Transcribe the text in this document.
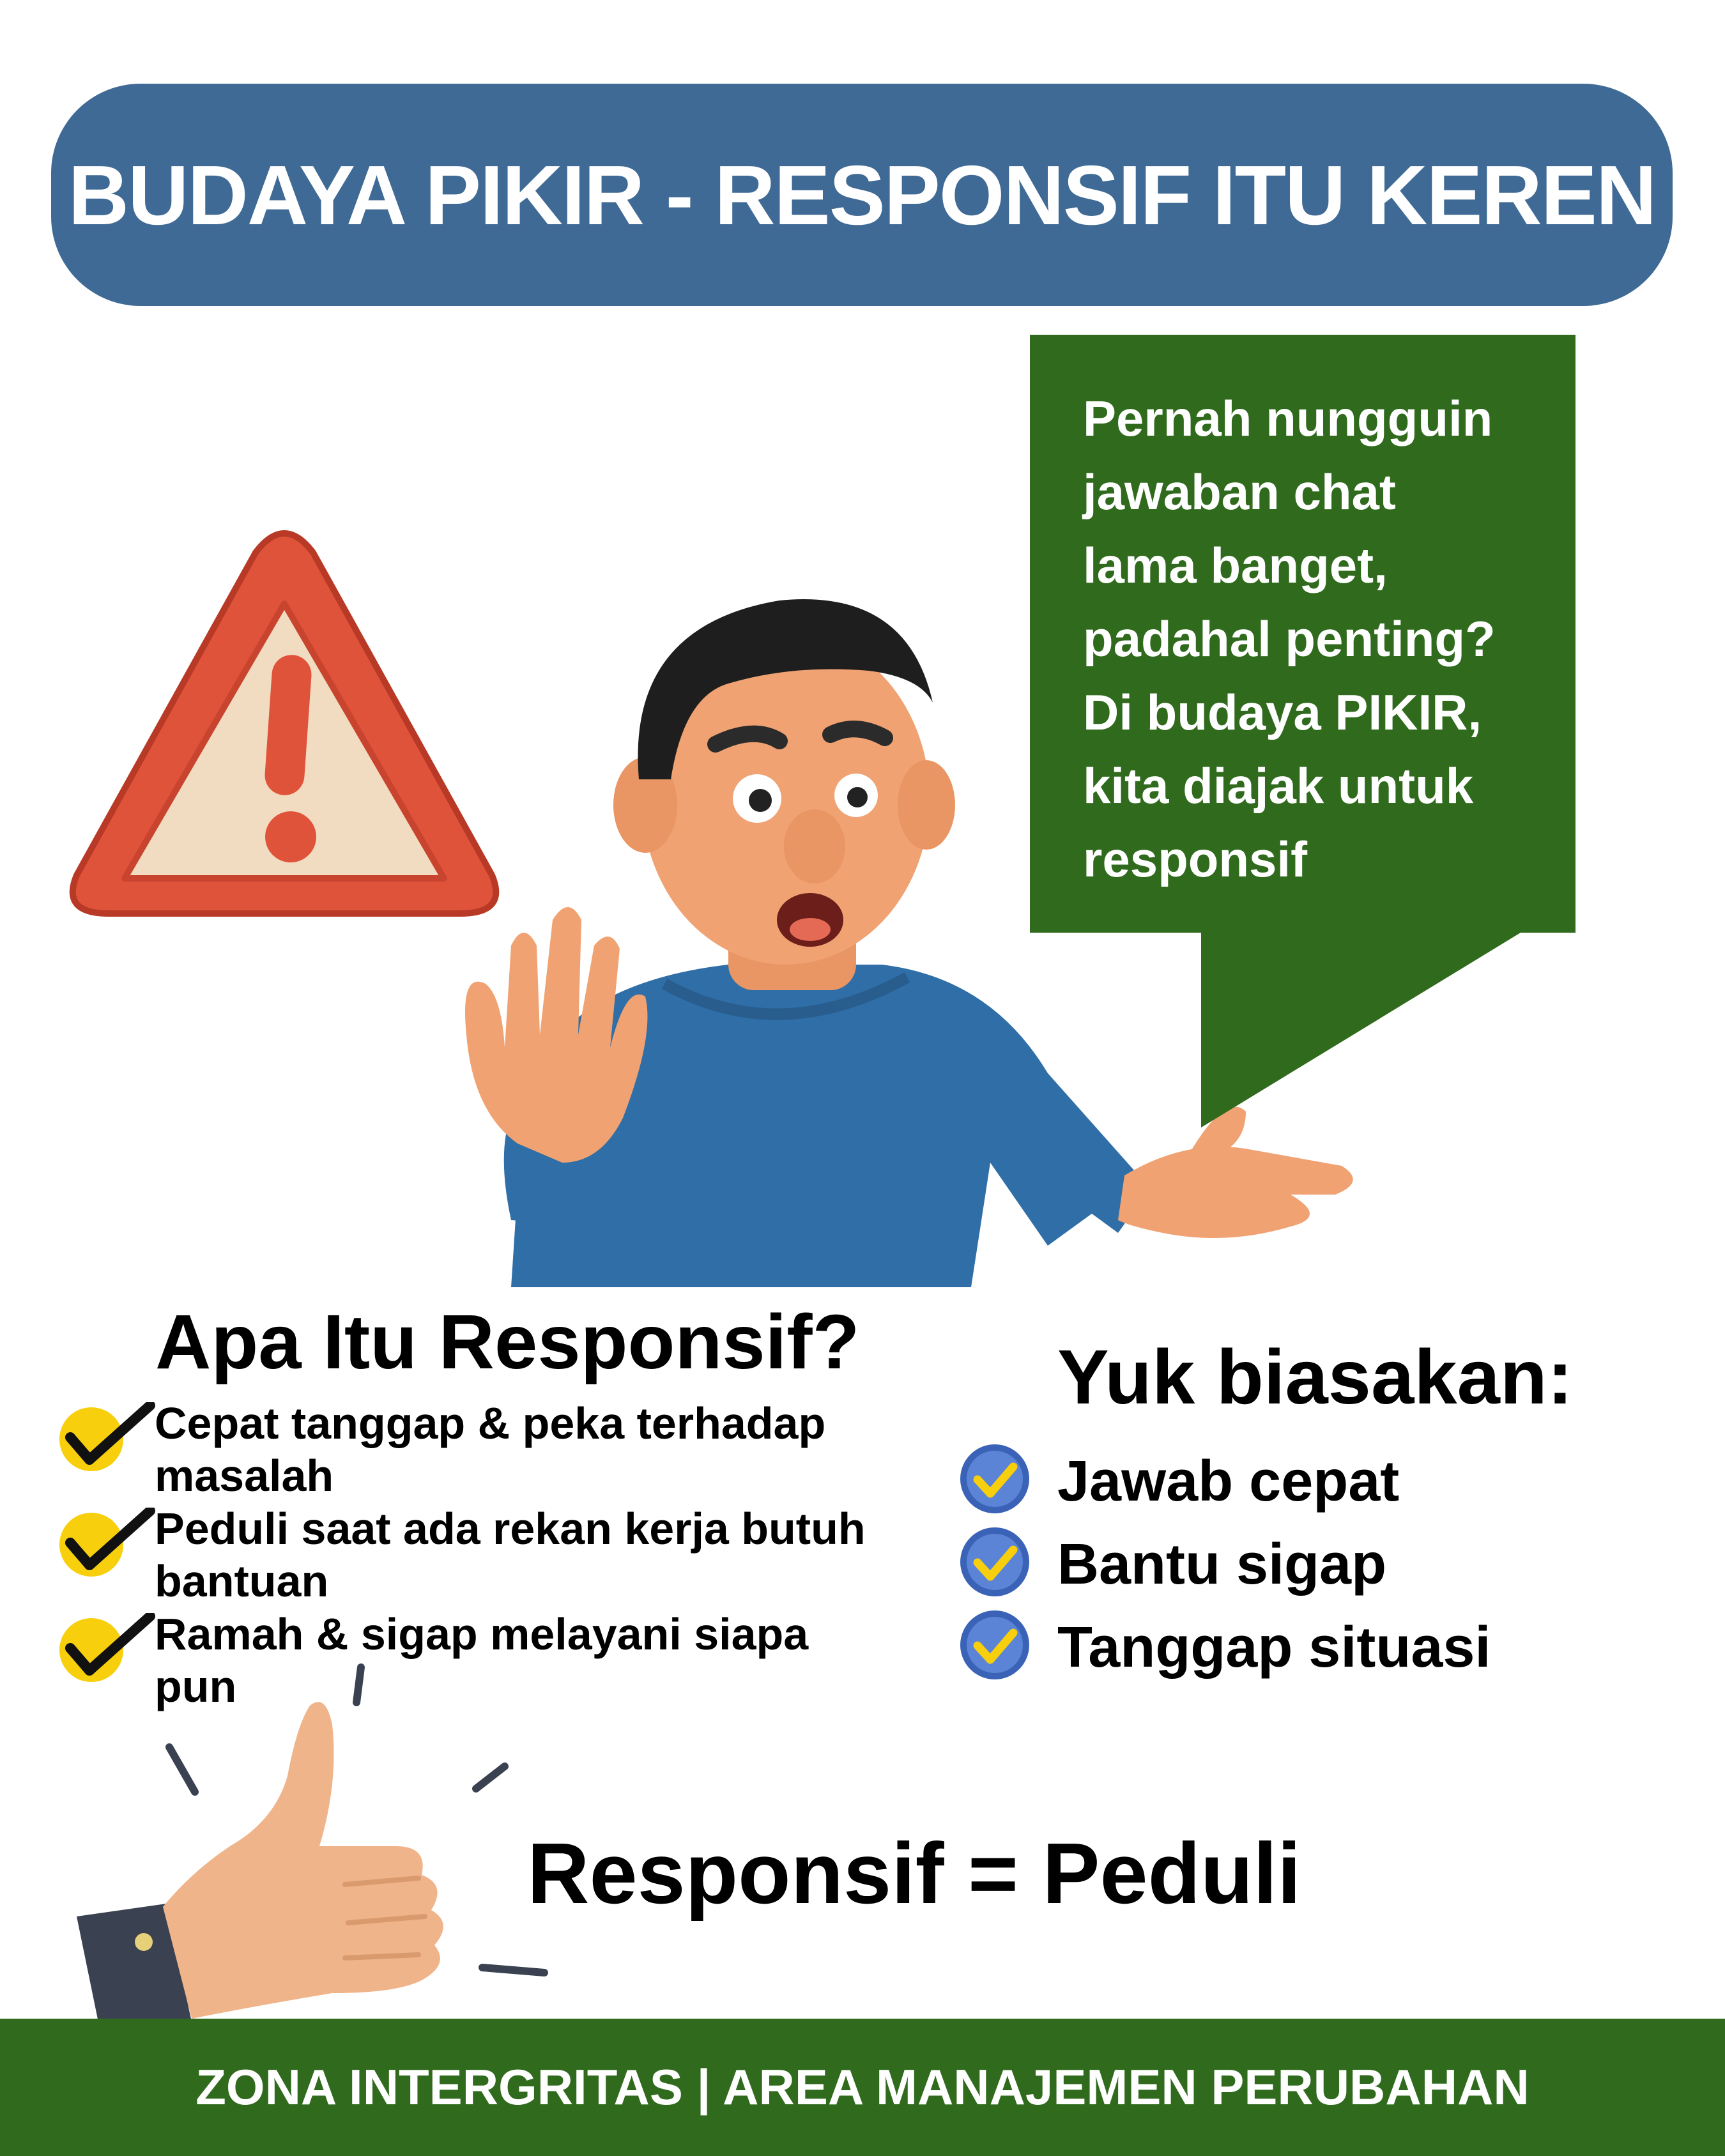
BUDAYA PIKIR - RESPONSIF ITU KEREN
Pernah nungguin
jawaban chat
lama banget,
padahal penting?
Di budaya PIKIR,
kita diajak untuk
responsif
Apa Itu Responsif?
Cepat tanggap & peka terhadap
masalah
Peduli saat ada rekan kerja butuh
bantuan
Ramah & sigap melayani siapa
pun
Yuk biasakan:
Jawab cepat
Bantu sigap
Tanggap situasi
Responsif = Peduli
ZONA INTERGRITAS | AREA MANAJEMEN PERUBAHAN
